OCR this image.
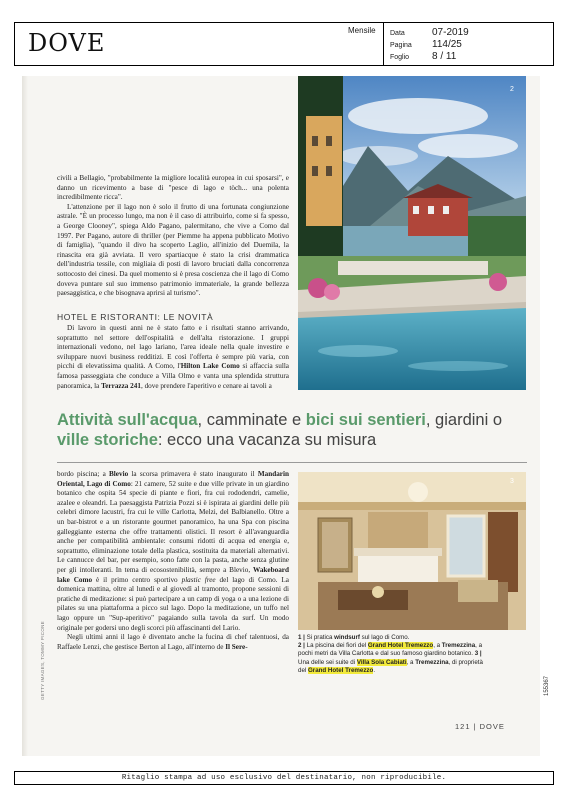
DOVE	Mensile Data	07-2019
Pagina 114/25
Foglio 8 / 11
2

civili a Bellagio, "probabilmente la migliore località europea in cui sposarsi", e danno un ricevimento a base di "pesce di lago e tòch... una polenta incredibilmente ricca".

L'attenzione per il lago non è solo il frutto di una fortunata congiunzione astrale. "È un processo lungo, ma non è il caso di attribuirlo, come si fa spesso, a George Clooney", spiega Aldo Pagano, palermitano, che vive a Como dal 1997. Per Pagano, autore di thriller (per Piemme ha appena pubblicato Motivo di famiglia), "quando il divo ha scoperto Laglio, all'inizio del Duemila, la rinascita era già avviata. Il vero spartiacque è stato la crisi drammatica dell'industria tessile, con migliaia di posti di lavoro bruciati dalla concorrenza sottocosto dei cinesi. Da quel momento si è presa coscienza che il lago di Como doveva puntare sul suo immenso patrimonio immateriale, la grande bellezza paesaggistica, e che bisognava aprirsi al turismo".

HOTEL E RISTORANTI: LE NOVITÀ

Di lavoro in questi anni ne è stato fatto e i risultati stanno arrivando, soprattutto nel settore dell'ospitalità e dell'alta ristorazione. I gruppi internazionali vedono, nel lago lariano, l'area ideale nella quale investire e sviluppare nuovi business redditizi. E così l'offerta è sempre più varia, con picchi di elevatissima qualità. A Como, l'Hilton Lake Como si affaccia sulla famosa passeggiata che conduce a Villa Olmo e vanta una splendida struttura panoramica, la Terrazza 241, dove prendere l'aperitivo e cenare ai tavoli a

Attività sull'acqua, camminate e bici sui sentieri, giardini o ville storiche: ecco una vacanza su misura

bordo piscina; a Blevio la scorsa primavera è stato inaugurato il Mandarin Oriental, Lago di Como: 21 camere, 52 suite e due ville private in un giardino botanico che ospita 54 specie di piante e fiori, fra cui rododendri, camelie, azalee e oleandri. La paesaggista Patrizia Pozzi si è ispirata ai giardini delle più celebri dimore lacustri, fra cui le ville Carlotta, Melzi, del Balbianello. Oltre a un bar-bistrot e a un ristorante gourmet panoramico, ha una Spa con piscina galleggiante esterna che offre trattamenti olistici. Il resort è all'avanguardia anche per compatibilità ambientale: consumi ridotti di acqua ed energia e, soprattutto, eliminazione totale della plastica, sostituita da materiali alternativi. Le cannucce del bar, per esempio, sono fatte con la pasta, anche senza glutine per gli intolleranti. In tema di ecosostenibilità, sempre a Blevio, Wakeboard lake Como è il primo centro sportivo plastic free del lago di Como. La domenica mattina, oltre al lunedì e al giovedì al tramonto, propone sessioni di pratiche di meditazione: si può partecipare a un camp di yoga o a una lezione di pilates su una piattaforma a picco sul lago. Dopo la meditazione, un tuffo nel lago oppure un "Sup-aperitivo" pagaiando sulla tavola da surf. Un modo originale per godersi uno degli scorci più affascinanti del Lario.

Negli ultimi anni il lago è diventato anche la fucina di chef talentuosi, da Raffaele Lenzi, che gestisce Berton al Lago, all'interno de Il Sere-

3
1 | Si pratica windsurf sul lago di Como.
2 | La piscina dei fiori del Grand Hotel Tremezzo, a Tremezzina, a pochi metri da Villa Carlotta e dal suo famoso giardino botanico. 3 | Una delle sei suite di Villa Sola Cabiati, a Tremezzina, di proprietà del Grand Hotel Tremezzo.
121 | DOVE
GETTY IMAGES, TOMMY PICONE	155367
Ritaglio stampa ad uso esclusivo del destinatario, non riproducibile.
